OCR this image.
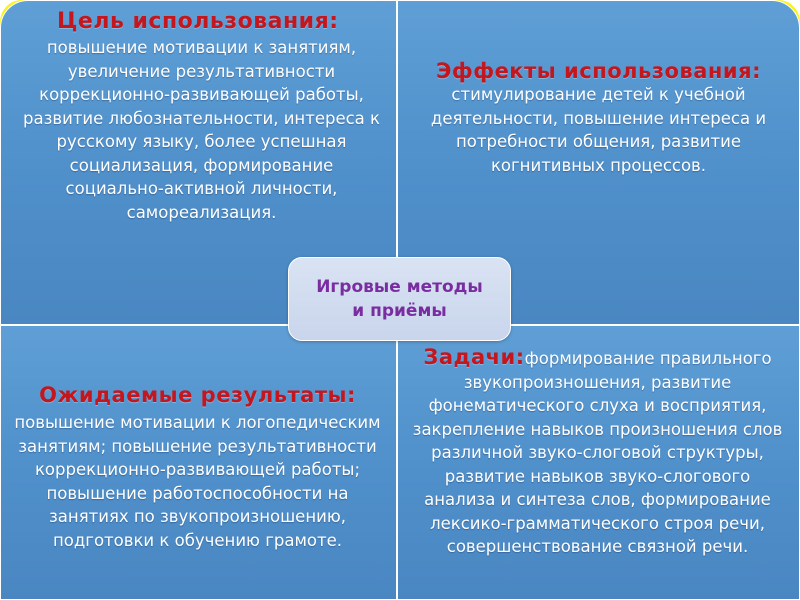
Цель использования:
повышение мотивации к занятиям, увеличение результативности коррекционно-развивающей работы, развитие любознательности, интереса к русскому языку, более успешная социализация, формирование социально-активной личности, самореализация.
Эффекты использования:
стимулирование детей к учебной деятельности, повышение интереса и потребности общения, развитие когнитивных процессов.
Ожидаемые результаты:
повышение мотивации к логопедическим занятиям; повышение результативности коррекционно-развивающей работы; повышение работоспособности на занятиях по звукопроизношению, подготовки к обучению грамоте.
Задачи:формирование правильного звукопроизношения, развитие фонематического слуха и восприятия, закрепление навыков произношения слов различной звуко-слоговой структуры, развитие навыков звуко-слогового анализа и синтеза слов, формирование лексико-грамматического строя речи, совершенствование связной речи.
Игровые методы и приёмы
